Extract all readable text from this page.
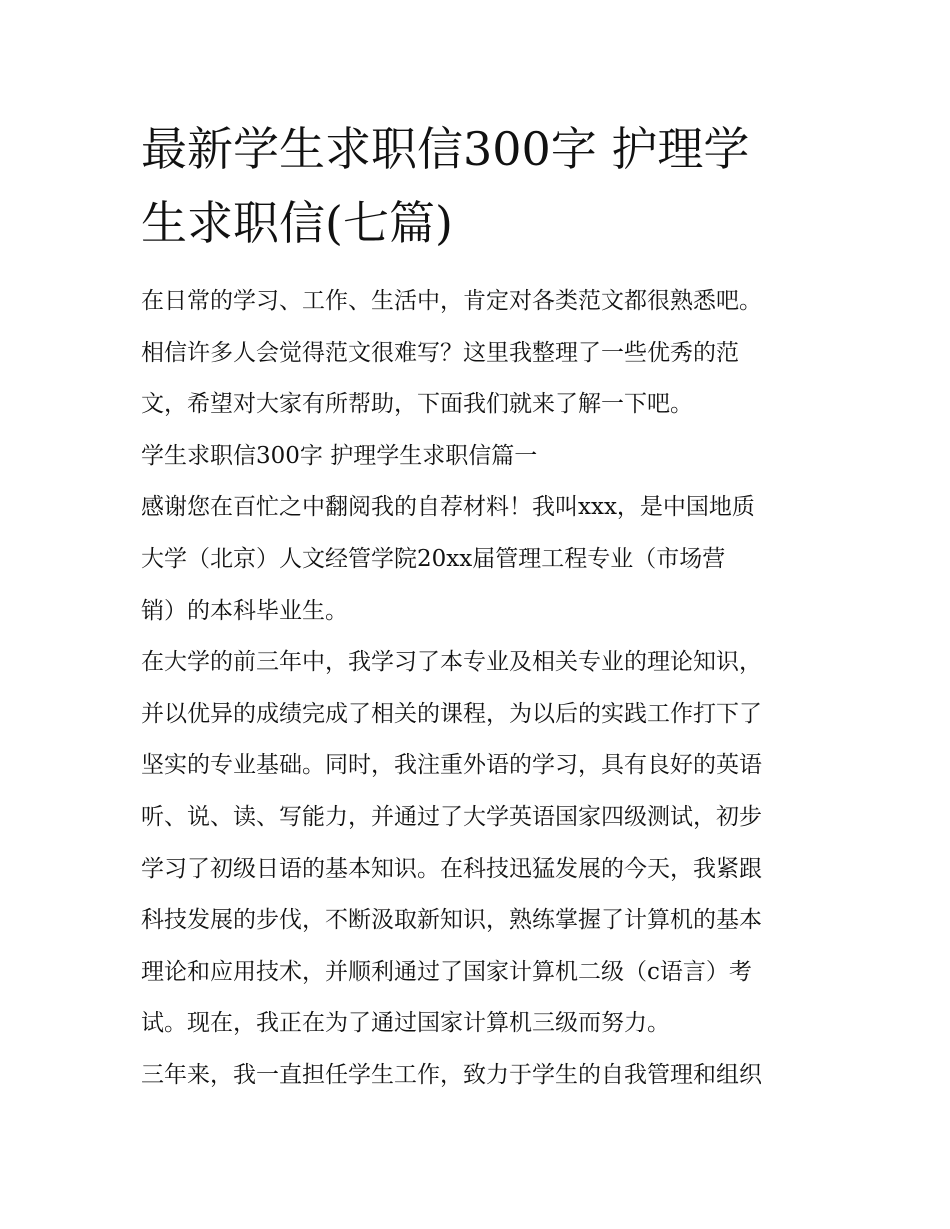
最新学生求职信300字 护理学
生求职信(七篇)
在日常的学习、工作、生活中，肯定对各类范文都很熟悉吧。
相信许多人会觉得范文很难写？这里我整理了一些优秀的范
文，希望对大家有所帮助，下面我们就来了解一下吧。
学生求职信300字 护理学生求职信篇一
感谢您在百忙之中翻阅我的自荐材料！我叫xxx，是中国地质
大学（北京）人文经管学院20xx届管理工程专业（市场营
销）的本科毕业生。
在大学的前三年中，我学习了本专业及相关专业的理论知识，
并以优异的成绩完成了相关的课程，为以后的实践工作打下了
坚实的专业基础。同时，我注重外语的学习，具有良好的英语
听、说、读、写能力，并通过了大学英语国家四级测试，初步
学习了初级日语的基本知识。在科技迅猛发展的今天，我紧跟
科技发展的步伐，不断汲取新知识，熟练掌握了计算机的基本
理论和应用技术，并顺利通过了国家计算机二级（c语言）考
试。现在，我正在为了通过国家计算机三级而努力。
三年来，我一直担任学生工作，致力于学生的自我管理和组织
